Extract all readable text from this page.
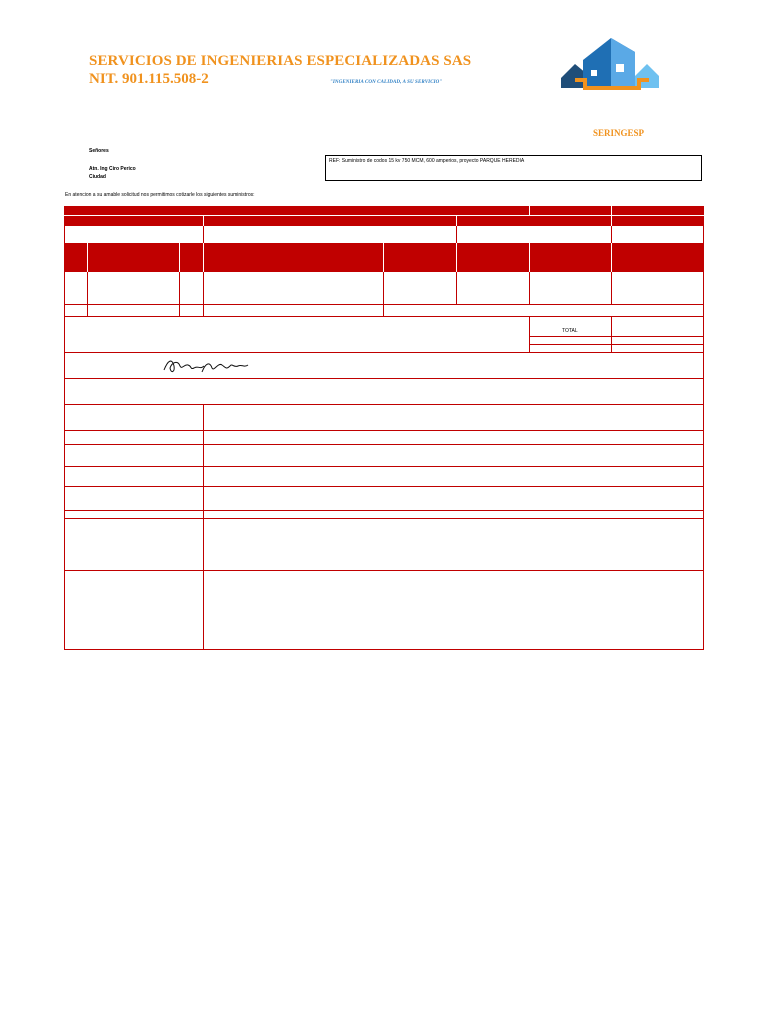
SERVICIOS DE INGENIERIAS ESPECIALIZADAS SAS
NIT. 901.115.508-2	"INGENIERIA CON CALIDAD, A SU SERVICIO"
SERINGESP
Señores
Atn. Ing Ciro Perico
Ciudad
REF: Suministro de codos 15 kv 750 MCM, 600 amperios, proyecto PARQUE HEREDIA
En atencion a su amable solicitud nos permitimos cotizarle los siguientes suministros:
TOTAL
